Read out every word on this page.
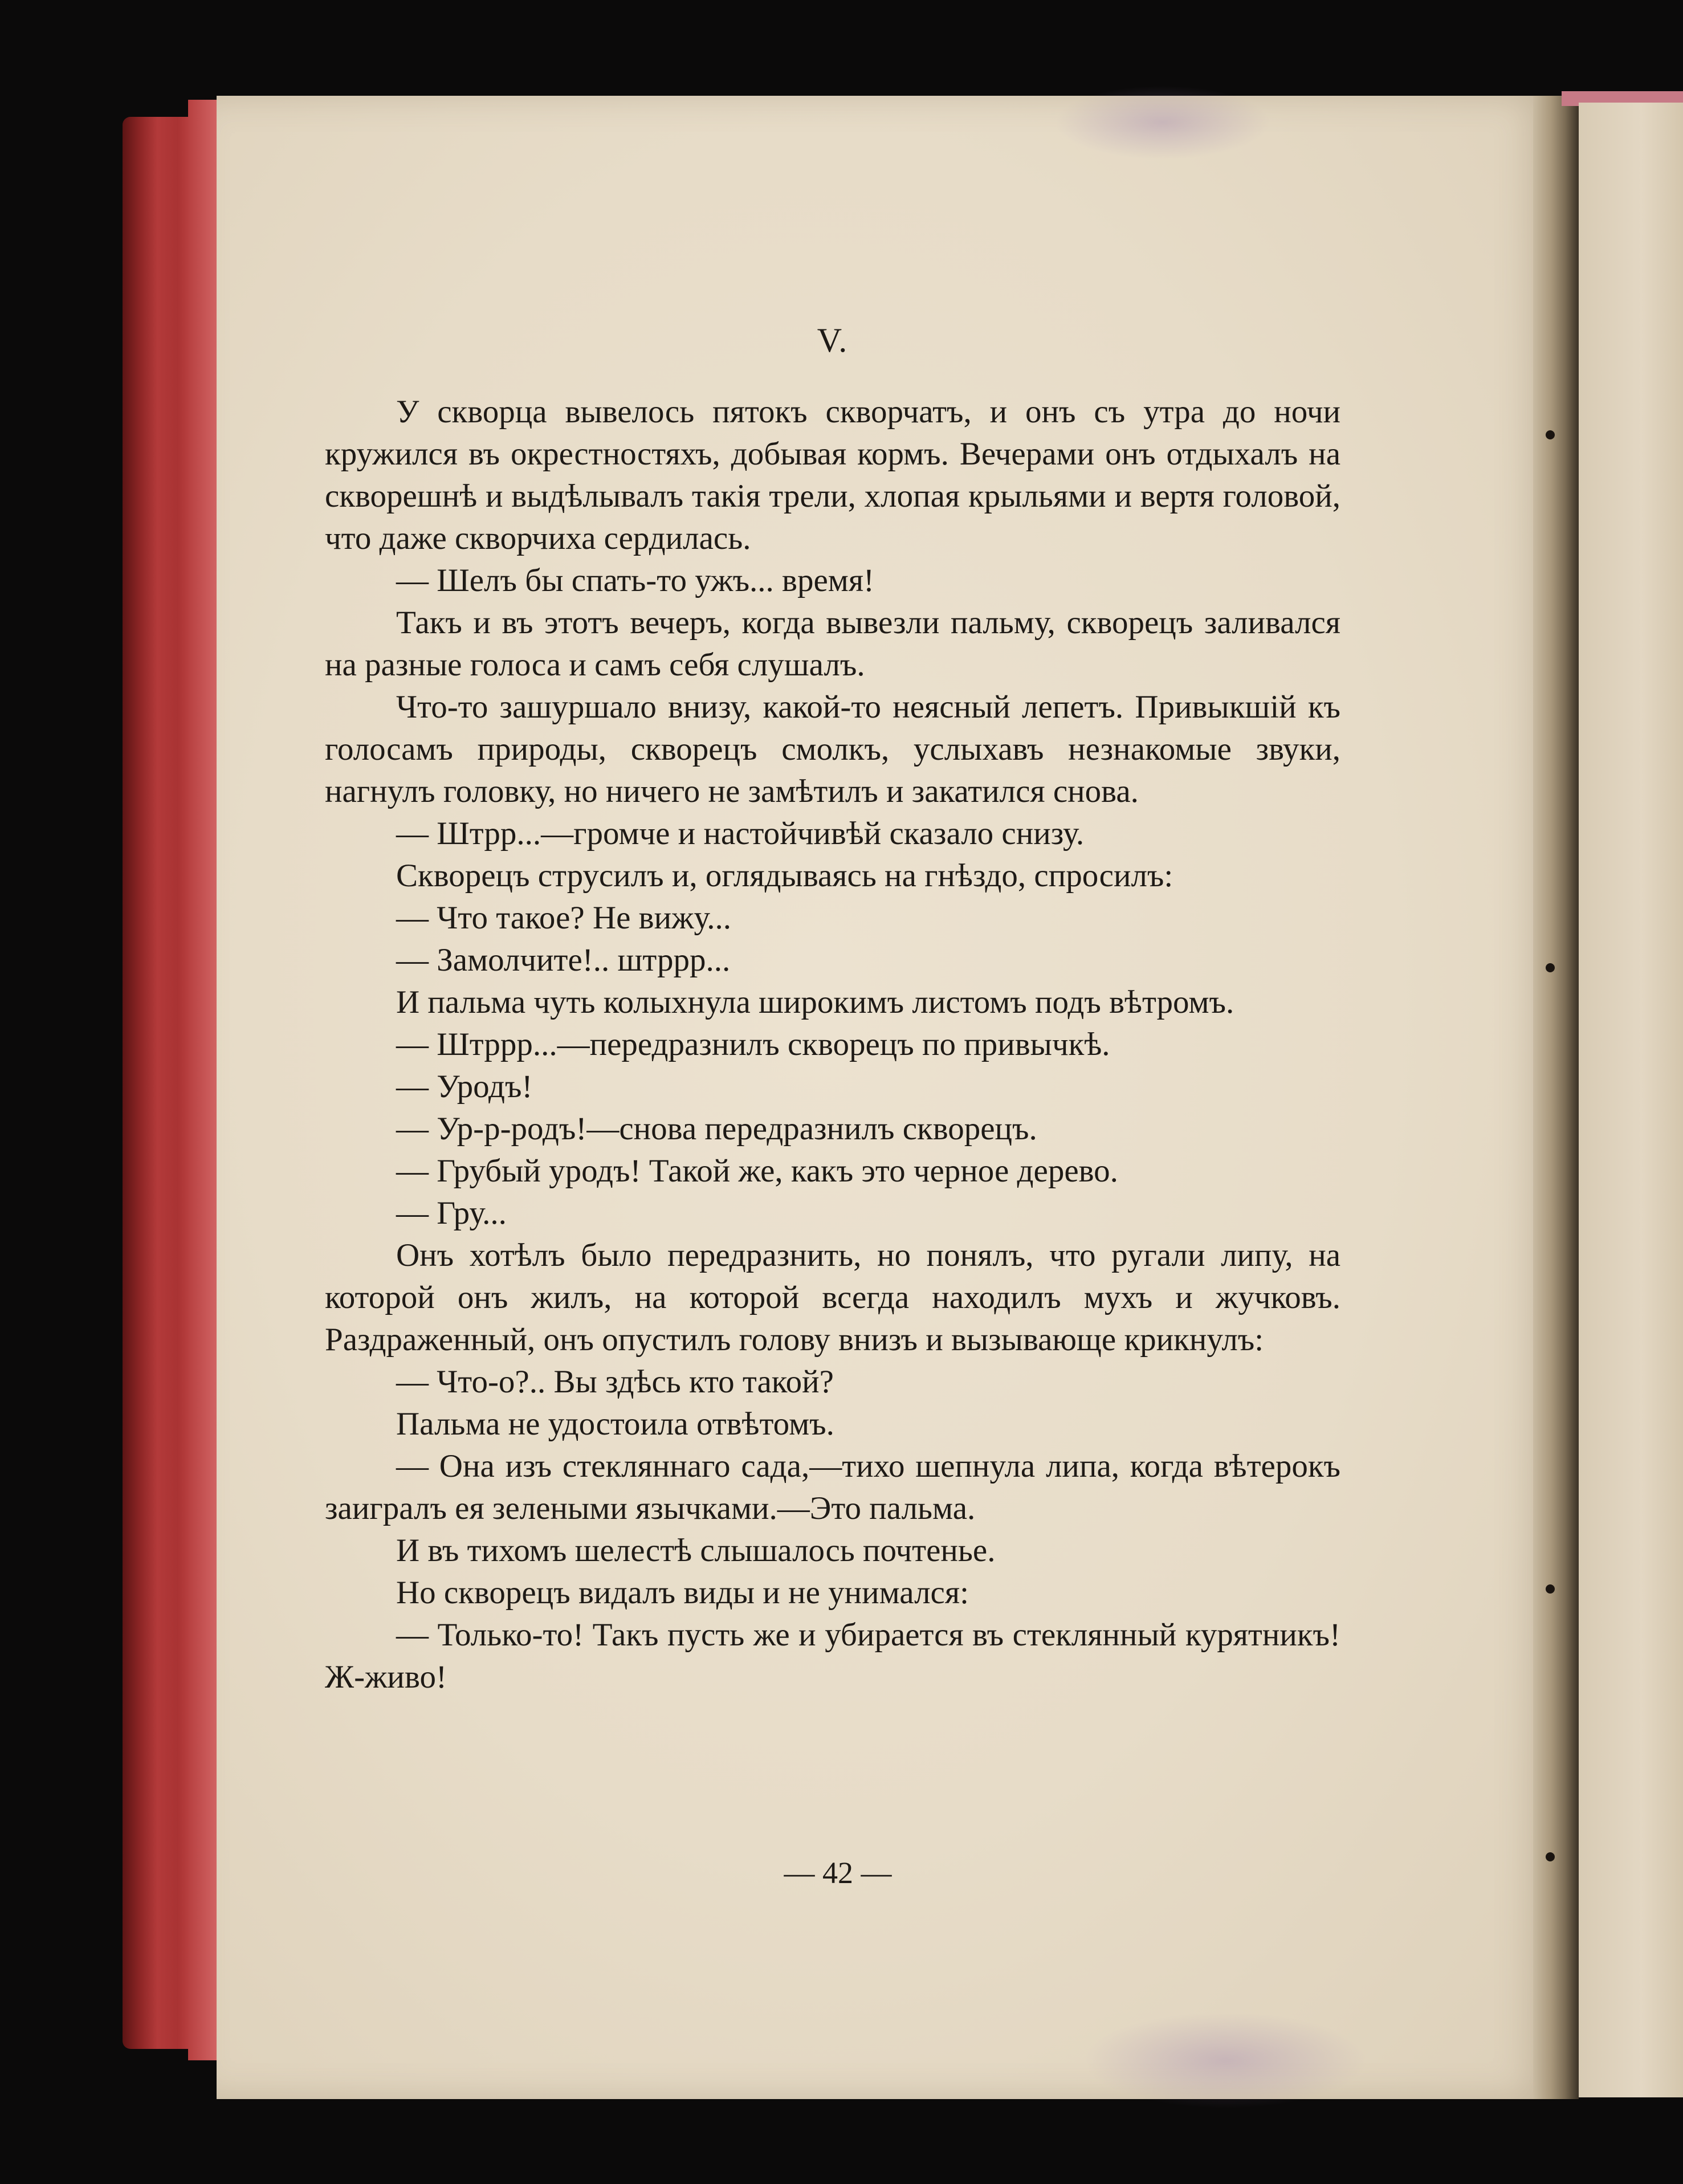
V.

У скворца вывелось пятокъ скворчатъ, и онъ съ утра до ночи кружился въ окрестностяхъ, добывая кормъ. Вечерами онъ отдыхалъ на скворешнѣ и выдѣлывалъ такія трели, хлопая крыльями и вертя головой, что даже скворчиха сердилась.

— Шелъ бы спать-то ужъ... время!

Такъ и въ этотъ вечеръ, когда вывезли пальму, скворецъ заливался на разные голоса и самъ себя слушалъ.

Что-то зашуршало внизу, какой-то неясный лепетъ. Привыкшій къ голосамъ природы, скворецъ смолкъ, услыхавъ незнакомые звуки, нагнулъ головку, но ничего не замѣтилъ и закатился снова.

— Штрр...—громче и настойчивѣй сказало снизу.

Скворецъ струсилъ и, оглядываясь на гнѣздо, спросилъ:

— Что такое? Не вижу...

— Замолчите!.. штррр...

И пальма чуть колыхнула широкимъ листомъ подъ вѣтромъ.

— Штррр...—передразнилъ скворецъ по привычкѣ.

— Уродъ!

— Ур-р-родъ!—снова передразнилъ скворецъ.

— Грубый уродъ! Такой же, какъ это черное дерево.

— Гру...

Онъ хотѣлъ было передразнить, но понялъ, что ругали липу, на которой онъ жилъ, на которой всегда находилъ мухъ и жучковъ. Раздраженный, онъ опустилъ голову внизъ и вызывающе крикнулъ:

— Что-о?.. Вы здѣсь кто такой?

Пальма не удостоила отвѣтомъ.

— Она изъ стекляннаго сада,—тихо шепнула липа, когда вѣтерокъ заигралъ ея зелеными язычками.—Это пальма.

И въ тихомъ шелестѣ слышалось почтенье.

Но скворецъ видалъ виды и не унимался:

— Только-то! Такъ пусть же и убирается въ стеклянный курятникъ! Ж-живо!

— 42 —
